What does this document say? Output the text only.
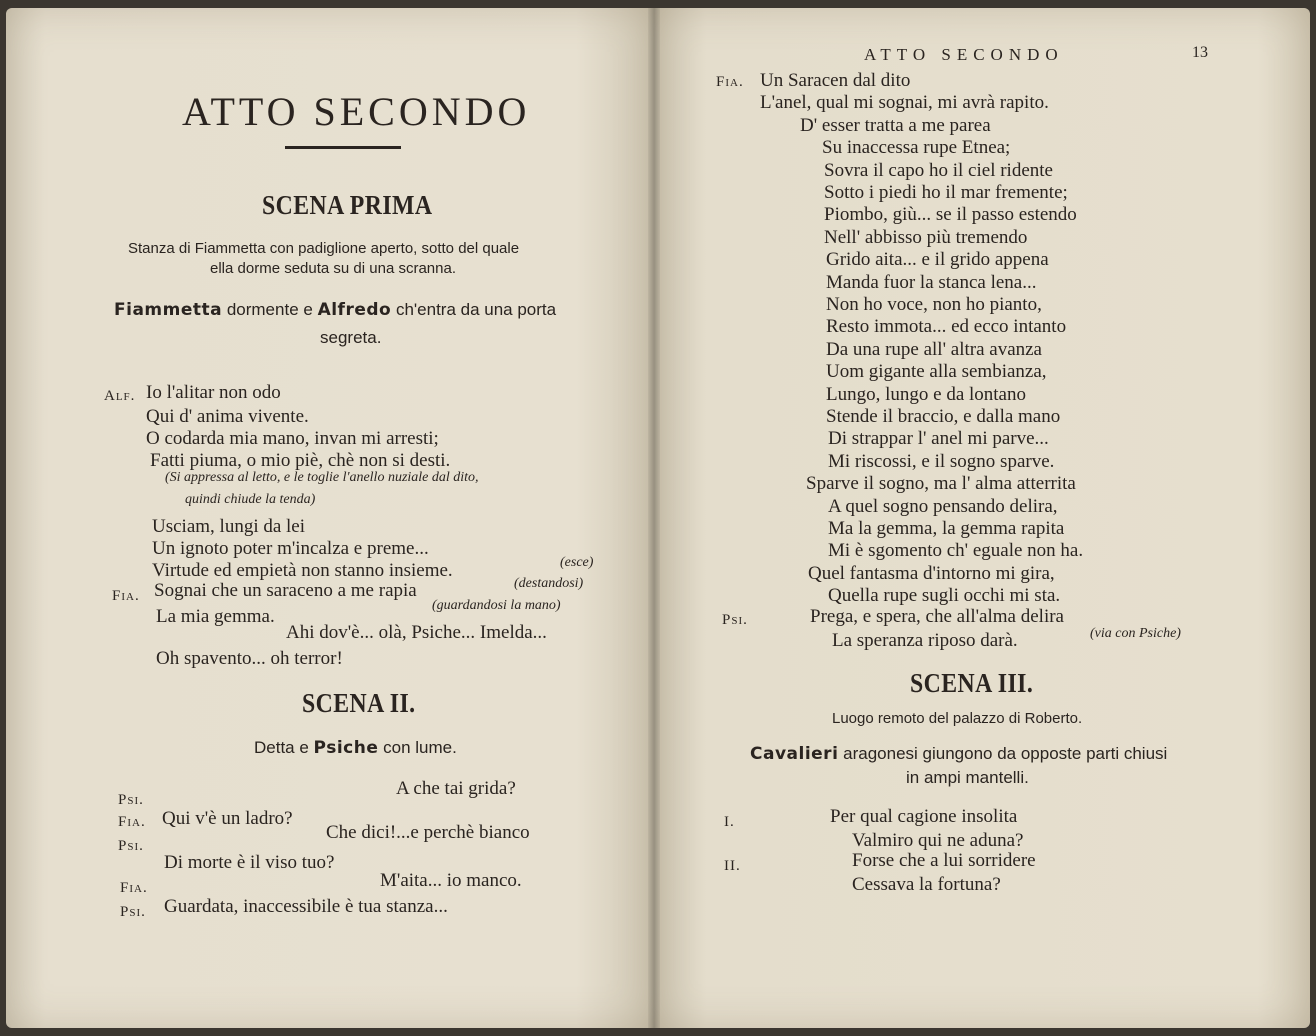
ATTO SECONDO
SCENA PRIMA
Stanza di Fiammetta con padiglione aperto, sotto del quale
ella dorme seduta su di una scranna.
Fiammetta dormente e Alfredo ch'entra da una porta
segreta.
Alf. Io l'alitar non odo
Qui d' anima vivente.
O codarda mia mano, invan mi arresti;
Fatti piuma, o mio piè, chè non si desti.
(Si appressa al letto, e le toglie l'anello nuziale dal dito,
quindi chiude la tenda)
Usciam, lungi da lei
Un ignoto poter m'incalza e preme...
Virtude ed empietà non stanno insieme.	(esce)
Fia. Sognai che un saraceno a me rapia	(destandosi)
La mia gemma.
(guardandosi la mano)
Ahi dov'è... olà, Psiche... Imelda...
Oh spavento... oh terror!
SCENA II.
Detta e Psiche con lume.
Psi.
A che tai grida?
Fia. Qui v'è un ladro?
Psi.
Che dici!...e perchè bianco
Di morte è il viso tuo?
Fia.	M'aita... io manco.
Psi. Guardata, inaccessibile è tua stanza...
ATTO SECONDO	13
Fia. Un Saracen dal dito
L'anel, qual mi sognai, mi avrà rapito.
D' esser tratta a me parea
Su inaccessa rupe Etnea;
Sovra il capo ho il ciel ridente
Sotto i piedi ho il mar fremente;
Piombo, giù... se il passo estendo
Nell' abbisso più tremendo
Grido aita... e il grido appena
Manda fuor la stanca lena...
Non ho voce, non ho pianto,
Resto immota... ed ecco intanto
Da una rupe all' altra avanza
Uom gigante alla sembianza,
Lungo, lungo e da lontano
Stende il braccio, e dalla mano
Di strappar l' anel mi parve...
Mi riscossi, e il sogno sparve.
Sparve il sogno, ma l' alma atterrita
A quel sogno pensando delira,
Ma la gemma, la gemma rapita
Mi è sgomento ch' eguale non ha.
Quel fantasma d'intorno mi gira,
Quella rupe sugli occhi mi sta.
Psi.	Prega, e spera, che all'alma delira
La speranza riposo darà.	(via con Psiche)
SCENA III.
Luogo remoto del palazzo di Roberto.
Cavalieri aragonesi giungono da opposte parti chiusi
in ampi mantelli.
I.	Per qual cagione insolita
Valmiro qui ne aduna?
II.	Forse che a lui sorridere
Cessava la fortuna?
